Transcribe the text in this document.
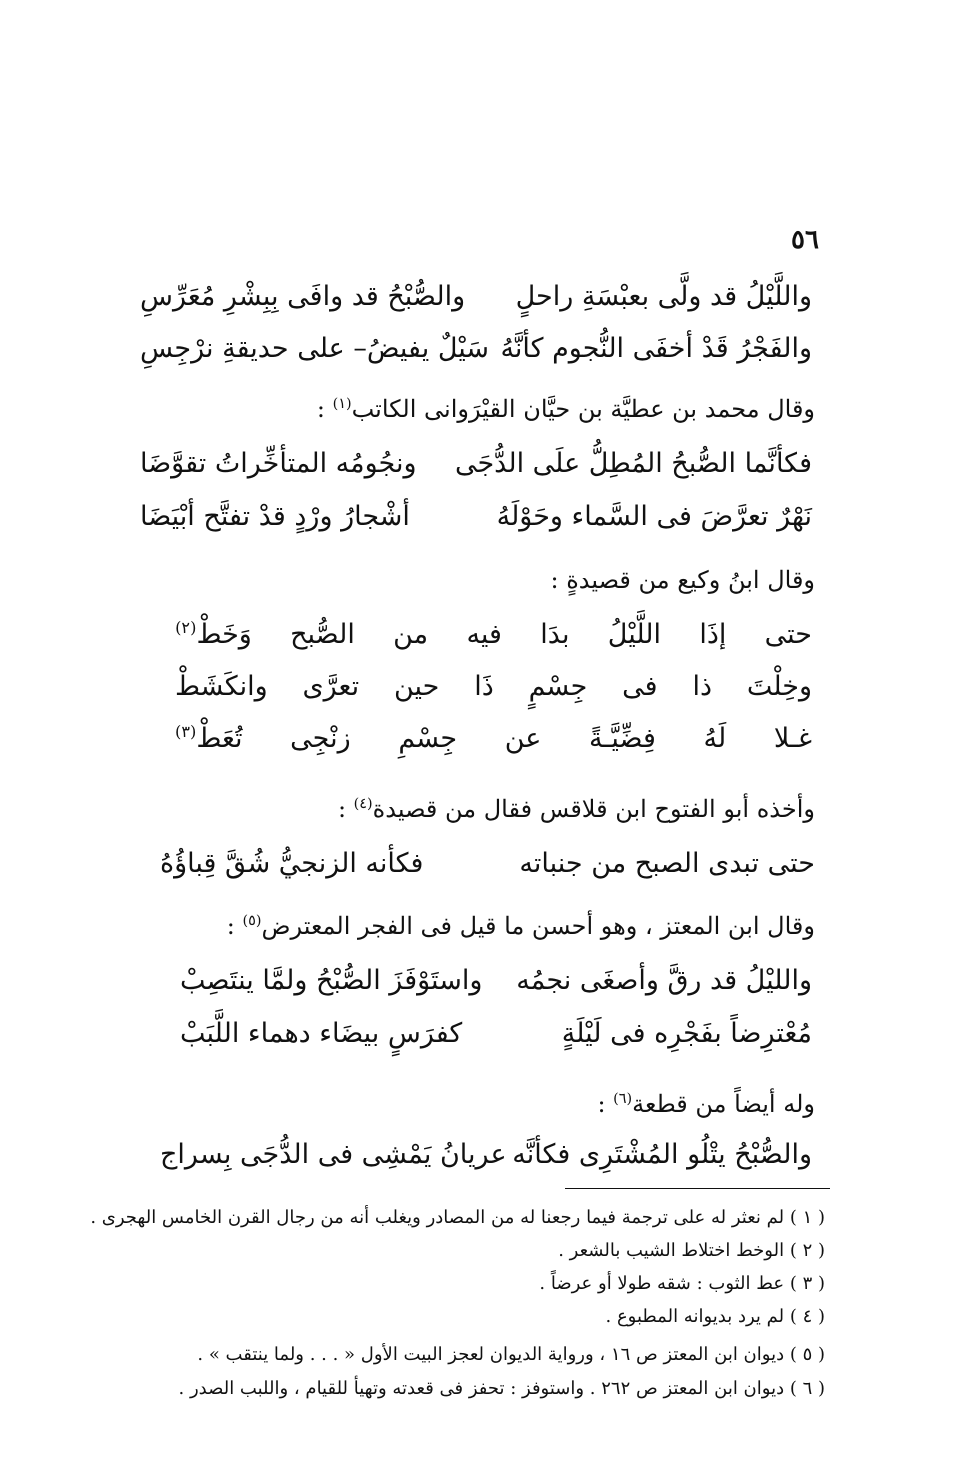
٥٦
واللَّيْلُ قد ولَّى بعبْسَةِ راحلٍ
والصُّبْحُ قد وافَى بِبِشْرِ مُعَرِّسِ
والفَجْرُ قَدْ أخفَى النُّجوم كأنَّهُ
سَيْلٌ يفيضُ– على حديقةِ نرْجِسِ
وقال محمد بن عطيَّة بن حيَّان القيْرَوانى الكاتب$^{(١)}$ :
فكأنَّما الصُّبحُ المُطِلُّ علَى الدُّجَى
ونجُومُه المتأخِّراتُ تقوَّضَا
نَهْرٌ تعرَّضَ فى السَّماء وحَوْلَهُ
أشْجارُ ورْدٍ قدْ تفتَّح أبْيَضَا
وقال ابنُ وكيع من قصيدةٍ :
حتى
إذَا
اللَّيْلُ
بدَا
فيه
من
الصُّبح
وَخَطْ$^{(٢)}$
وخِلْتَ
ذا
فى
جِسْمٍ
ذَا
حين
تعرَّى
وانكَشَطْ
غـلا
لَهُ
فِضِّيَّـةً
عن
جِسْمِ
زنْجِى
تُعَطْ$^{(٣)}$
وأخذه أبو الفتوح ابن قلاقس فقال من قصيدة$^{(٤)}$ :
حتى تبدى الصبح من جنباته
فكأنه الزنجيُّ شُقَّ قِباؤُهُ
وقال ابن المعتز ، وهو أحسن ما قيل فى الفجر المعترض$^{(٥)}$ :
والليْلُ قد رقَّ وأصغَى نجمُه
واستَوْفَزَ الصُّبْحُ ولمَّا ينتَصِبْ
مُعْترِضاً بفَجْرِه فى لَيْلَةٍ
كفرَسٍ بيضَاء دهماء اللَّبَبْ
وله أيضاً من قطعة$^{(٦)}$ :
والصُّبْحُ يتْلُو المُشْتَرِى فكأنَّه
عريانُ يَمْشِى فى الدُّجَى بِسراج
( ١ ) لم نعثر له على ترجمة فيما رجعنا له من المصادر ويغلب أنه من رجال القرن الخامس الهجرى .
( ٢ ) الوخط اختلاط الشيب بالشعر .
( ٣ ) عط الثوب : شقه طولا أو عرضاً .
( ٤ ) لم يرد بديوانه المطبوع .
( ٥ ) ديوان ابن المعتز ص ١٦ ، ورواية الديوان لعجز البيت الأول « . . . ولما ينتقب » .
( ٦ ) ديوان ابن المعتز ص ٢٦٢ . واستوفز : تحفز فى قعدته وتهيأ للقيام ، واللبب الصدر .
